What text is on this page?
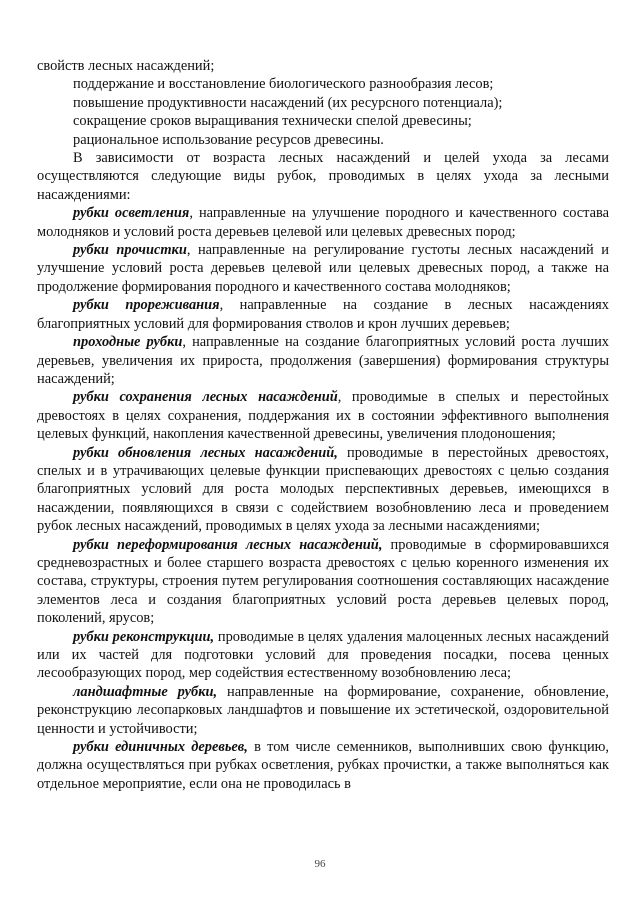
свойств лесных насаждений;

поддержание и восстановление биологического разнообразия лесов;

повышение продуктивности насаждений (их ресурсного потенциала);

сокращение сроков выращивания технически спелой древесины;

рациональное использование ресурсов древесины.

В зависимости от возраста лесных насаждений и целей ухода за лесами осуществляются следующие виды рубок, проводимых в целях ухода за лесными насаждениями:

рубки осветления, направленные на улучшение породного и качественного состава молодняков и условий роста деревьев целевой или целевых древесных пород;

рубки прочистки, направленные на регулирование густоты лесных насаждений и улучшение условий роста деревьев целевой или целевых древесных пород, а также на продолжение формирования породного и качественного состава молодняков;

рубки прореживания, направленные на создание в лесных насаждениях благоприятных условий для формирования стволов и крон лучших деревьев;

проходные рубки, направленные на создание благоприятных условий роста лучших деревьев, увеличения их прироста, продолжения (завершения) формирования структуры насаждений;

рубки сохранения лесных насаждений, проводимые в спелых и перестойных древостоях в целях сохранения, поддержания их в состоянии эффективного выполнения целевых функций, накопления качественной древесины, увеличения плодоношения;

рубки обновления лесных насаждений, проводимые в перестойных древостоях, спелых и в утрачивающих целевые функции приспевающих древостоях с целью создания благоприятных условий для роста молодых перспективных деревьев, имеющихся в насаждении, появляющихся в связи с содействием возобновлению леса и проведением рубок лесных насаждений, проводимых в целях ухода за лесными насаждениями;

рубки переформирования лесных насаждений, проводимые в сформировавшихся средневозрастных и более старшего возраста древостоях с целью коренного изменения их состава, структуры, строения путем регулирования соотношения составляющих насаждение элементов леса и создания благоприятных условий роста деревьев целевых пород, поколений, ярусов;

рубки реконструкции, проводимые в целях удаления малоценных лесных насаждений или их частей для подготовки условий для проведения посадки, посева ценных лесообразующих пород, мер содействия естественному возобновлению леса;

ландшафтные рубки, направленные на формирование, сохранение, обновление, реконструкцию лесопарковых ландшафтов и повышение их эстетической, оздоровительной ценности и устойчивости;

рубки единичных деревьев, в том числе семенников, выполнивших свою функцию, должна осуществляться при рубках осветления, рубках прочистки, а также выполняться как отдельное мероприятие, если она не проводилась в

96
